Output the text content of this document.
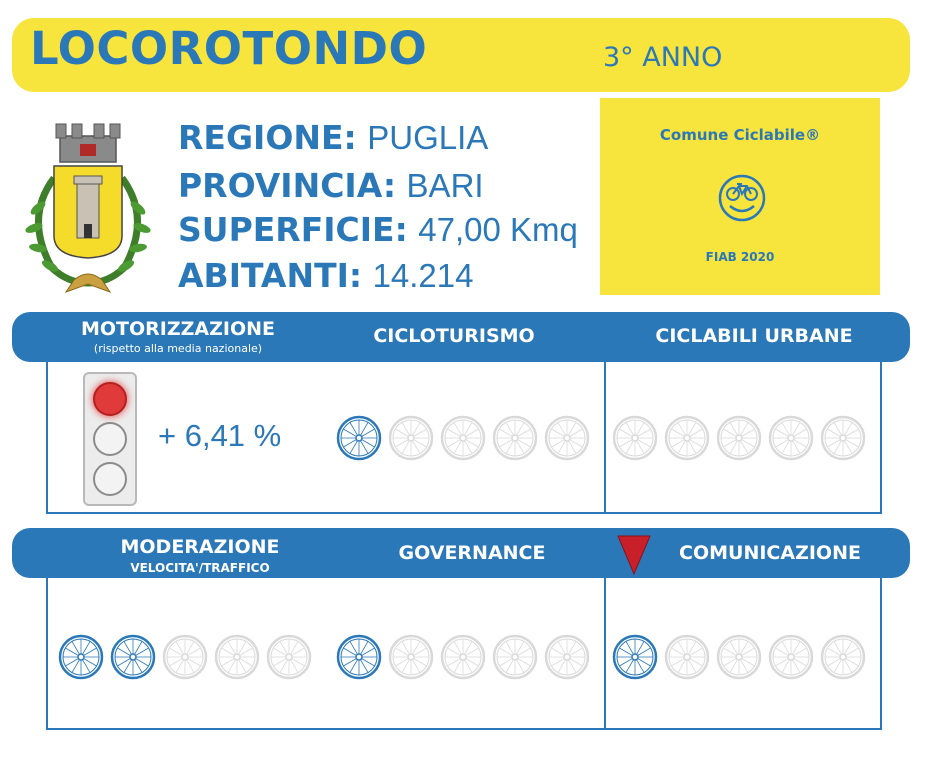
LOCOROTONDO	3° ANNO
REGIONE: PUGLIA
PROVINCIA: BARI
SUPERFICIE: 47,00 Kmq
ABITANTI: 14.214
Comune Ciclabile®
FIAB 2020
MOTORIZZAZIONE
(rispetto alla media nazionale)
CICLOTURISMO	CICLABILI URBANE
+ 6,41 %
MODERAZIONE
VELOCITA'/TRAFFICO
GOVERNANCE	COMUNICAZIONE
